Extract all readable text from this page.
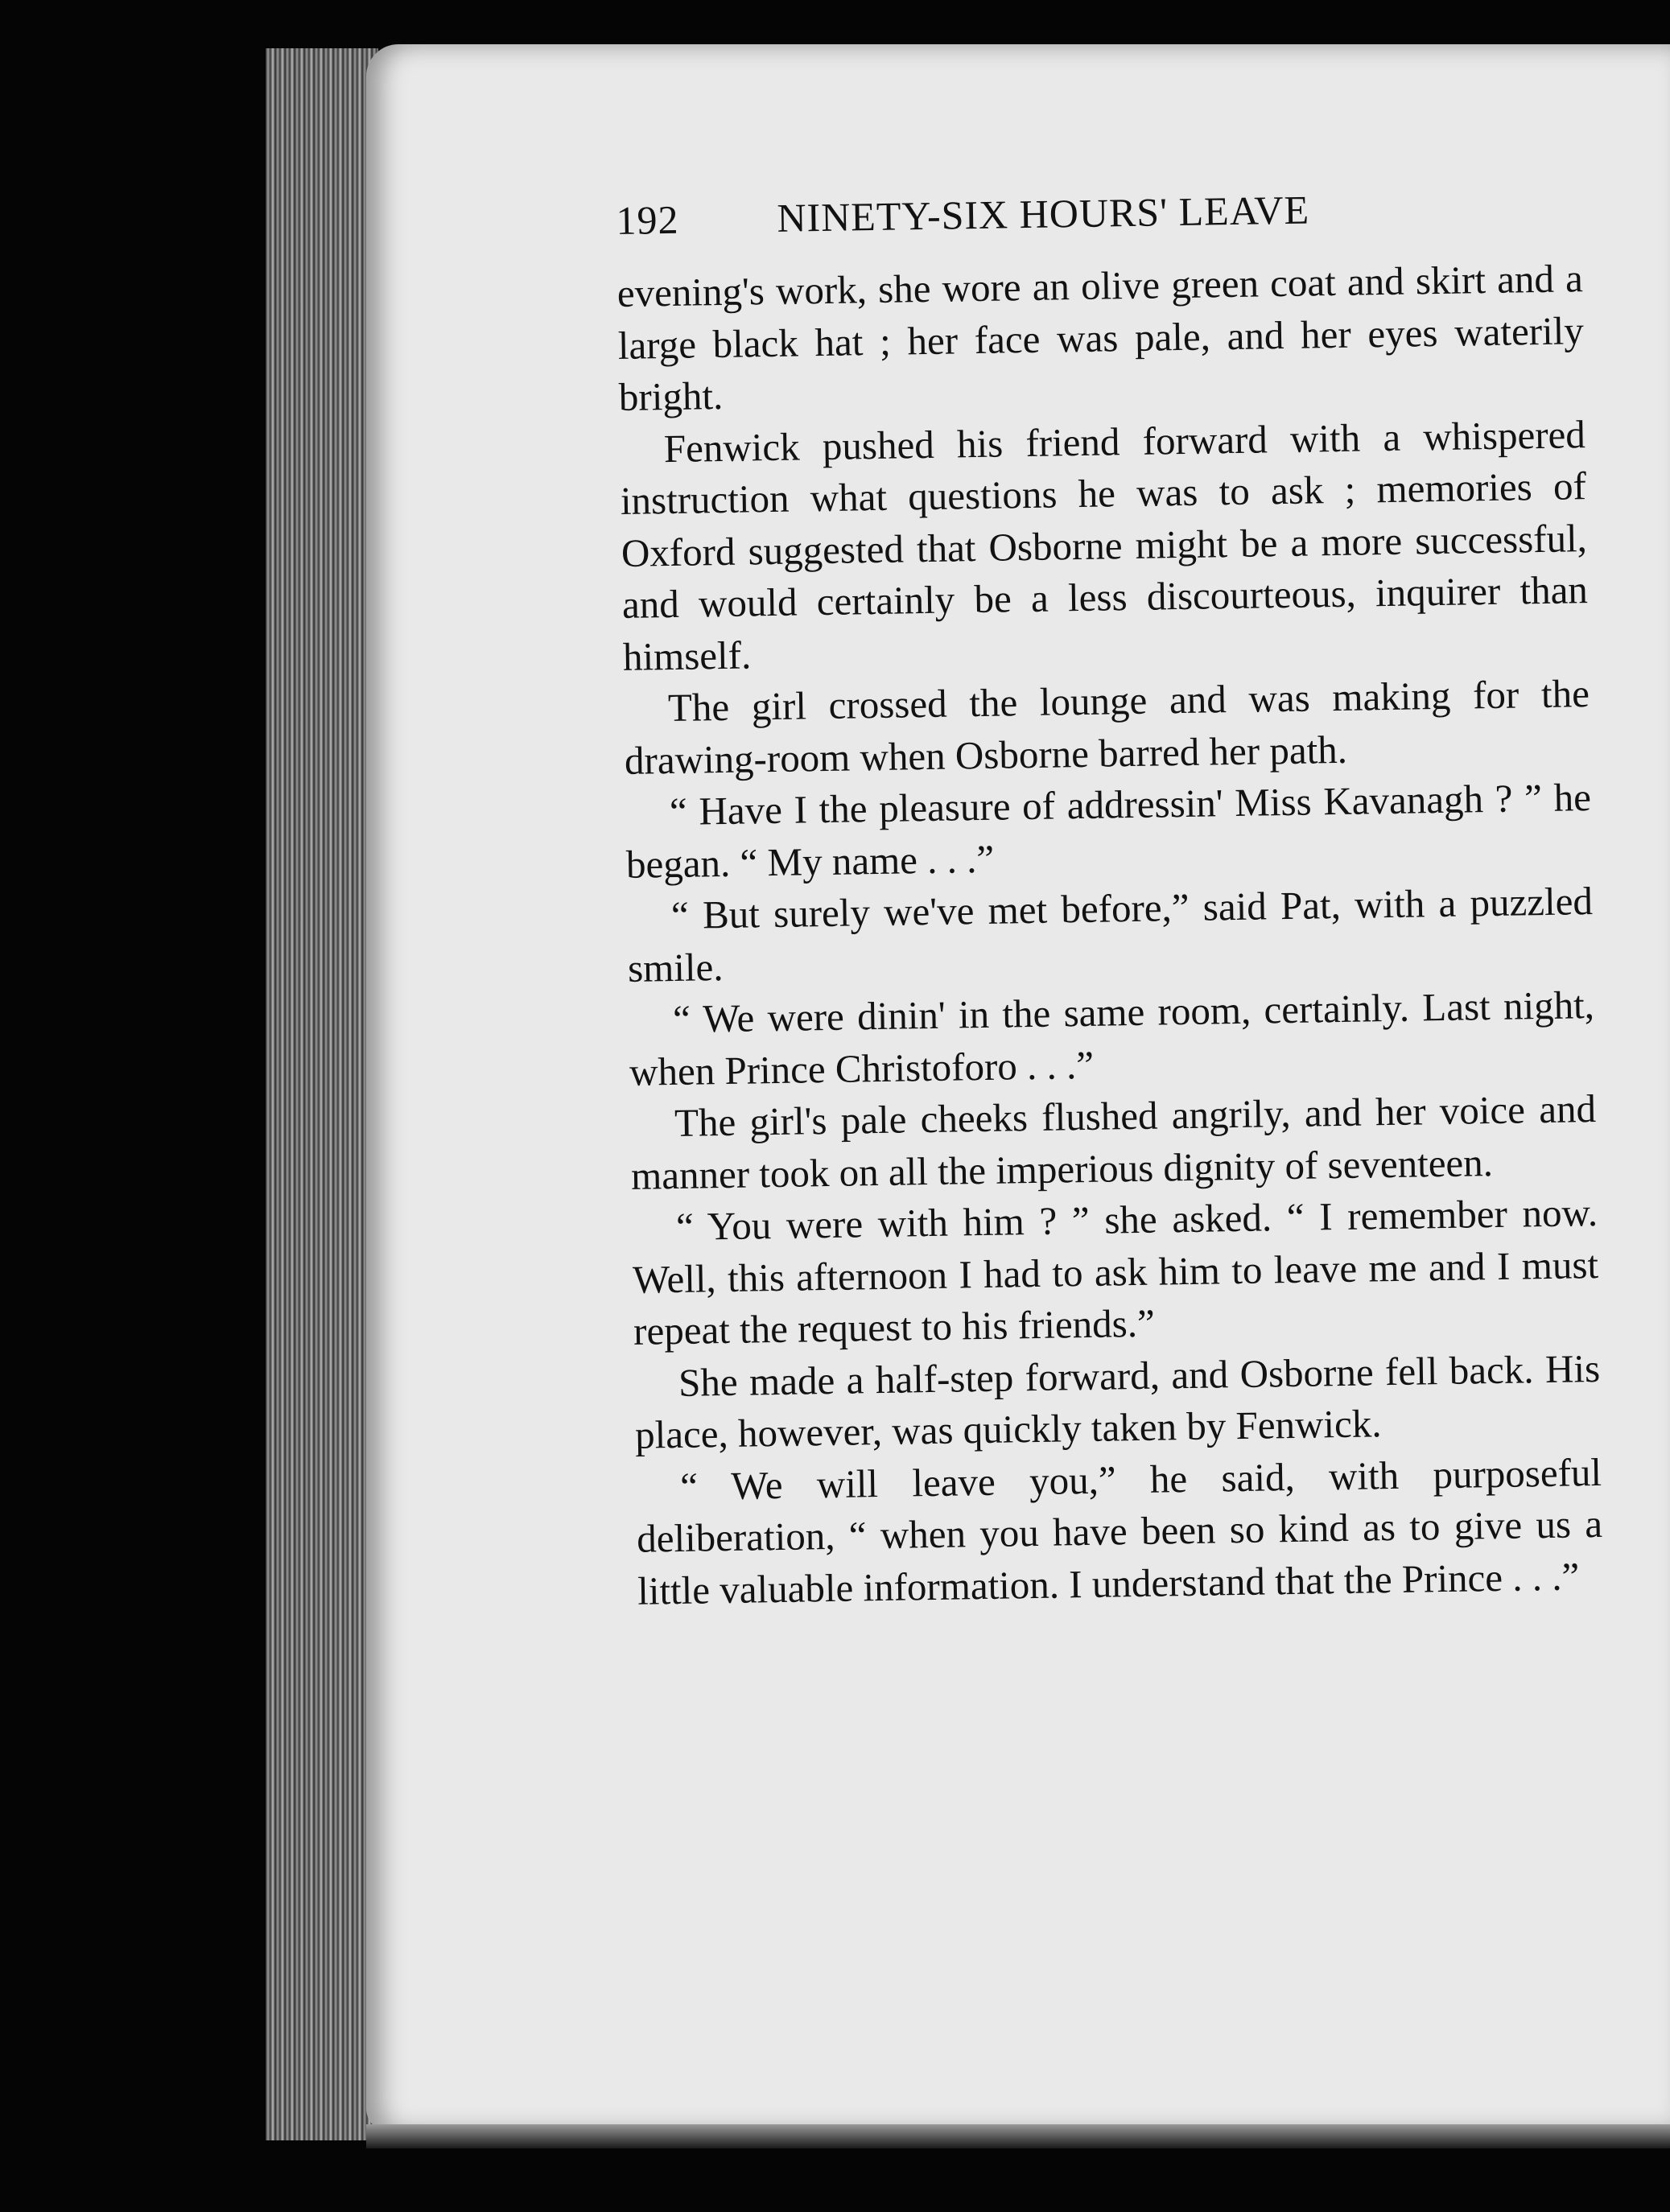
192	NINETY-SIX HOURS' LEAVE

evening's work, she wore an olive green coat and skirt and a large black hat ; her face was pale, and her eyes waterily bright.

Fenwick pushed his friend forward with a whispered instruction what questions he was to ask ; memories of Oxford suggested that Osborne might be a more successful, and would certainly be a less discourteous, inquirer than himself.

The girl crossed the lounge and was making for the drawing-room when Osborne barred her path.

“ Have I the pleasure of addressin' Miss Kavanagh ? ” he began. “ My name . . .”

“ But surely we've met before,” said Pat, with a puzzled smile.

“ We were dinin' in the same room, certainly. Last night, when Prince Christoforo . . .”

The girl's pale cheeks flushed angrily, and her voice and manner took on all the imperious dignity of seventeen.

“ You were with him ? ” she asked. “ I remember now. Well, this afternoon I had to ask him to leave me and I must repeat the request to his friends.”

She made a half-step forward, and Osborne fell back. His place, however, was quickly taken by Fenwick.

“ We will leave you,” he said, with purposeful deliberation, “ when you have been so kind as to give us a little valuable information. I understand that the Prince . . .”
